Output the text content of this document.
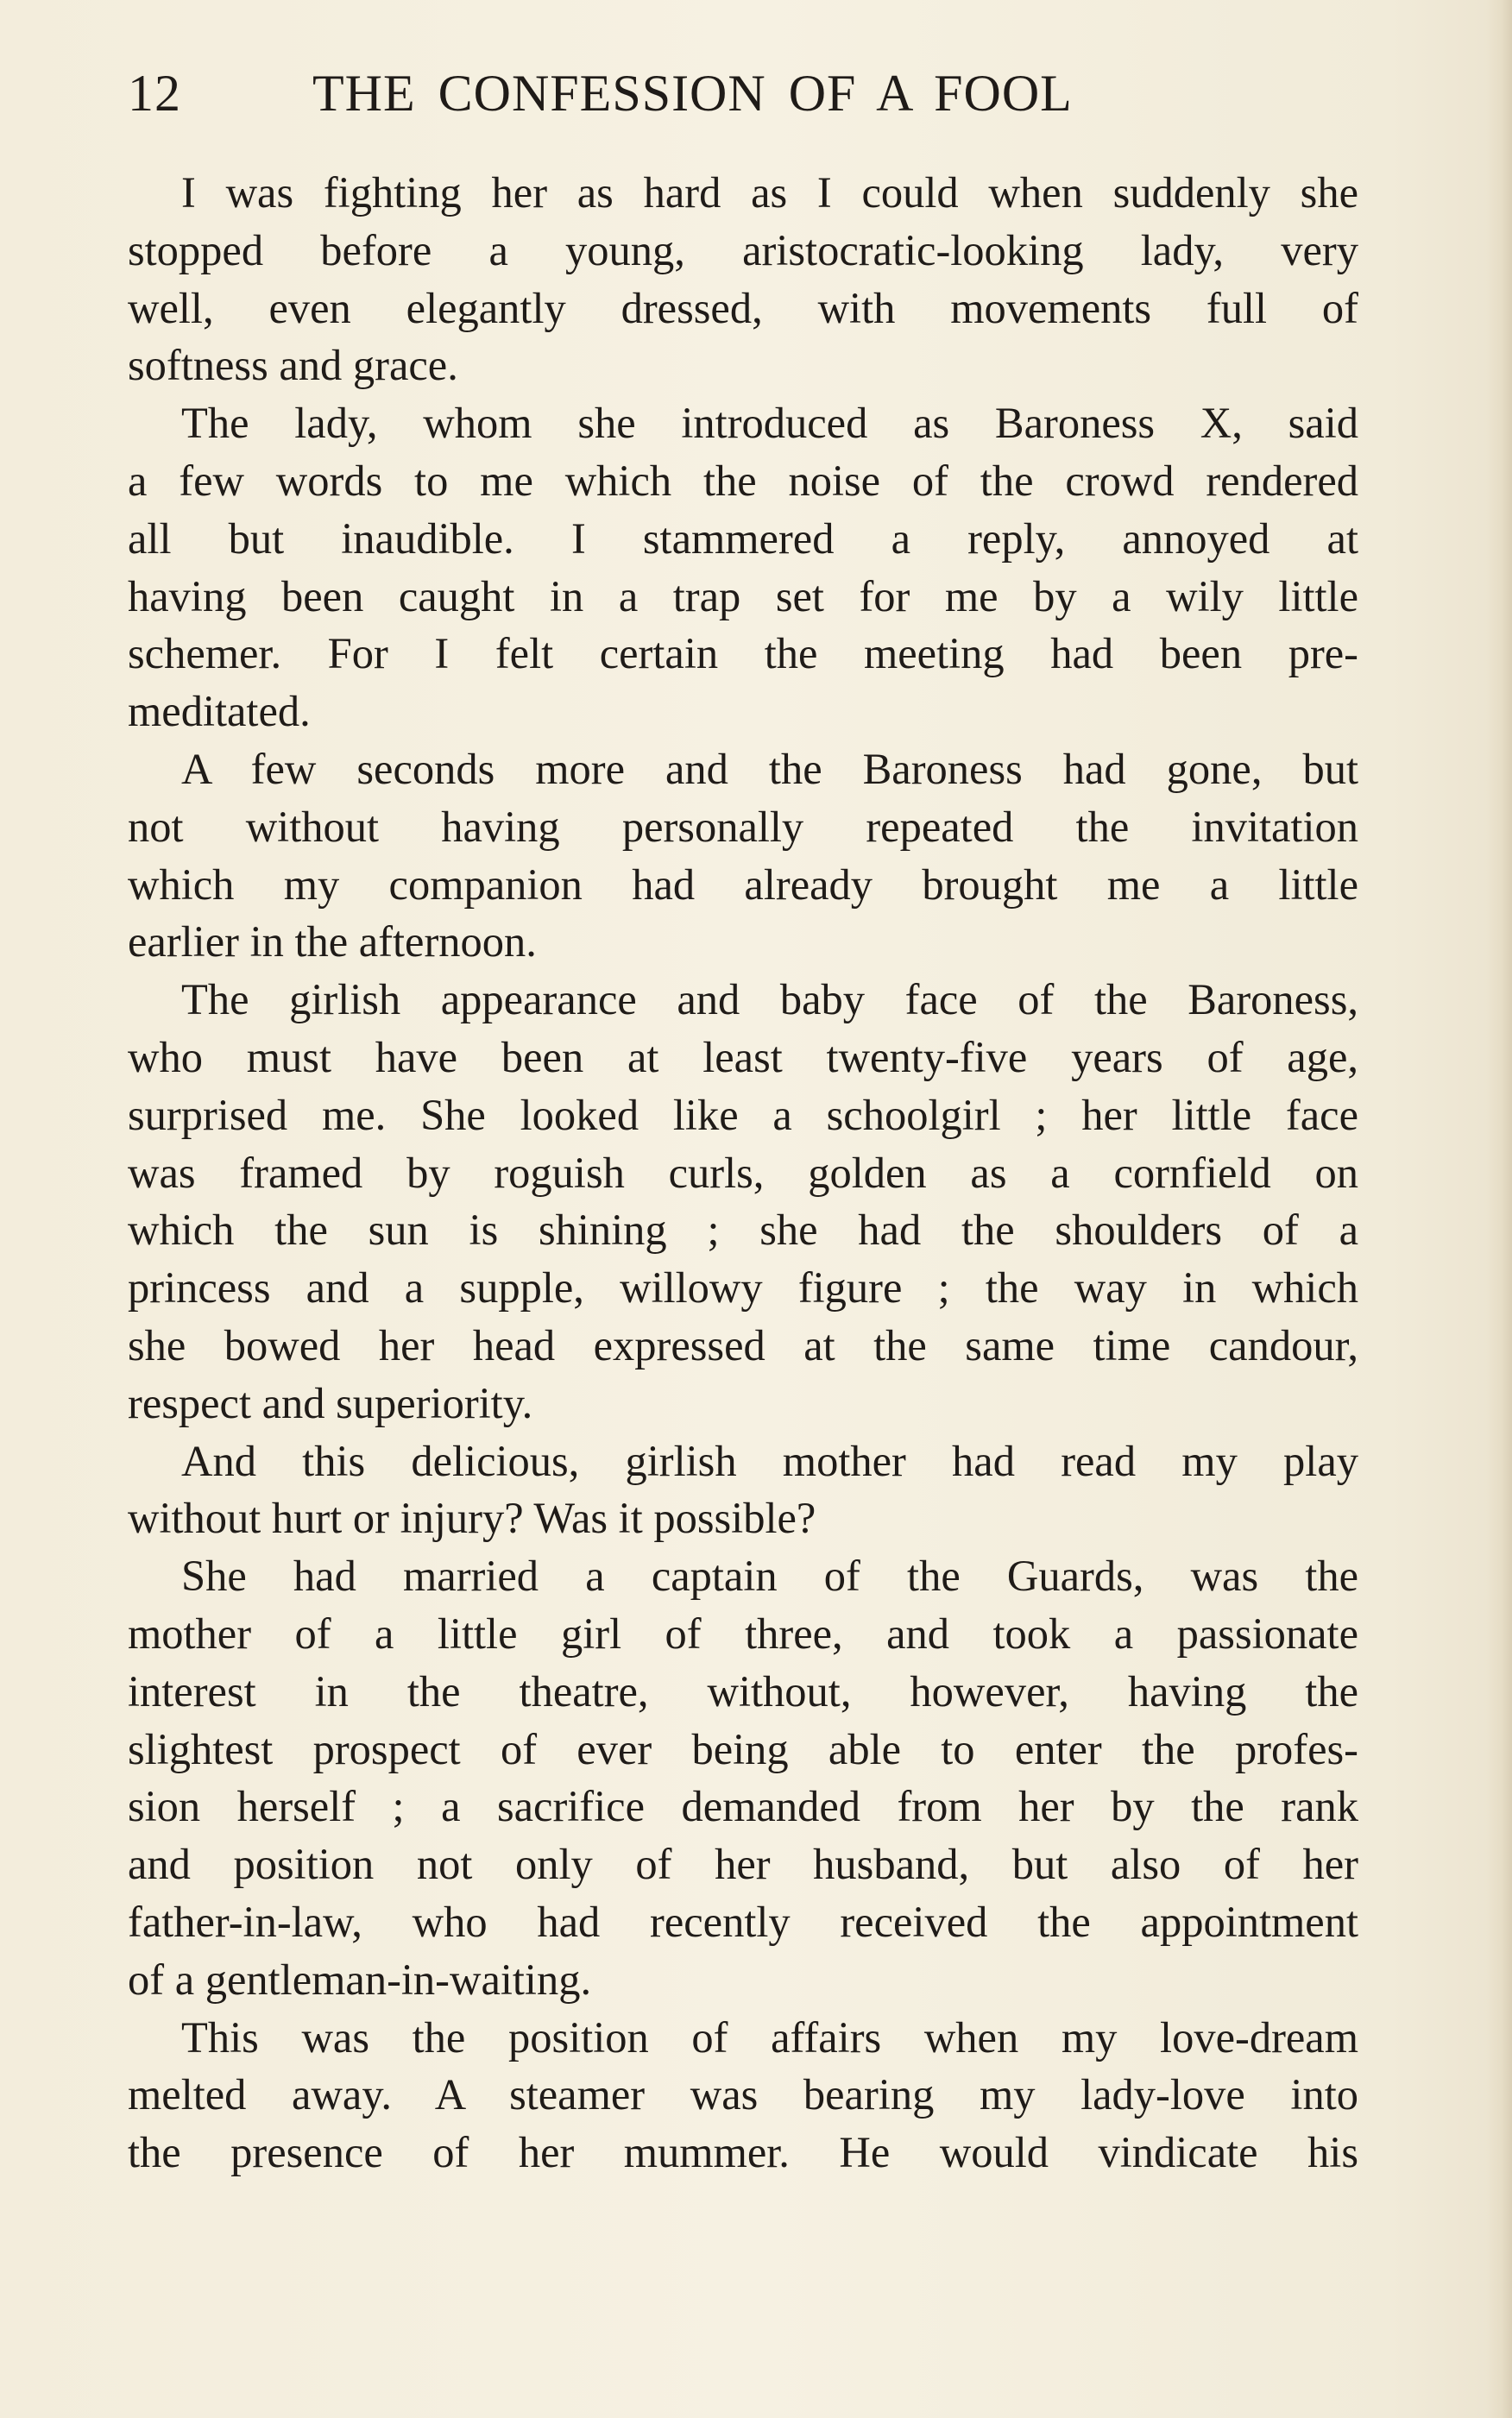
12	THE CONFESSION OF A FOOL
I was fighting her as hard as I could when suddenly she
stopped before a young, aristocratic-looking lady, very
well, even elegantly dressed, with movements full of
softness and grace.
The lady, whom she introduced as Baroness X, said
a few words to me which the noise of the crowd rendered
all but inaudible. I stammered a reply, annoyed at
having been caught in a trap set for me by a wily little
schemer. For I felt certain the meeting had been pre-
meditated.
A few seconds more and the Baroness had gone, but
not without having personally repeated the invitation
which my companion had already brought me a little
earlier in the afternoon.
The girlish appearance and baby face of the Baroness,
who must have been at least twenty-five years of age,
surprised me. She looked like a schoolgirl ; her little face
was framed by roguish curls, golden as a cornfield on
which the sun is shining ; she had the shoulders of a
princess and a supple, willowy figure ; the way in which
she bowed her head expressed at the same time candour,
respect and superiority.
And this delicious, girlish mother had read my play
without hurt or injury? Was it possible?
She had married a captain of the Guards, was the
mother of a little girl of three, and took a passionate
interest in the theatre, without, however, having the
slightest prospect of ever being able to enter the profes-
sion herself ; a sacrifice demanded from her by the rank
and position not only of her husband, but also of her
father-in-law, who had recently received the appointment
of a gentleman-in-waiting.
This was the position of affairs when my love-dream
melted away. A steamer was bearing my lady-love into
the presence of her mummer. He would vindicate his
